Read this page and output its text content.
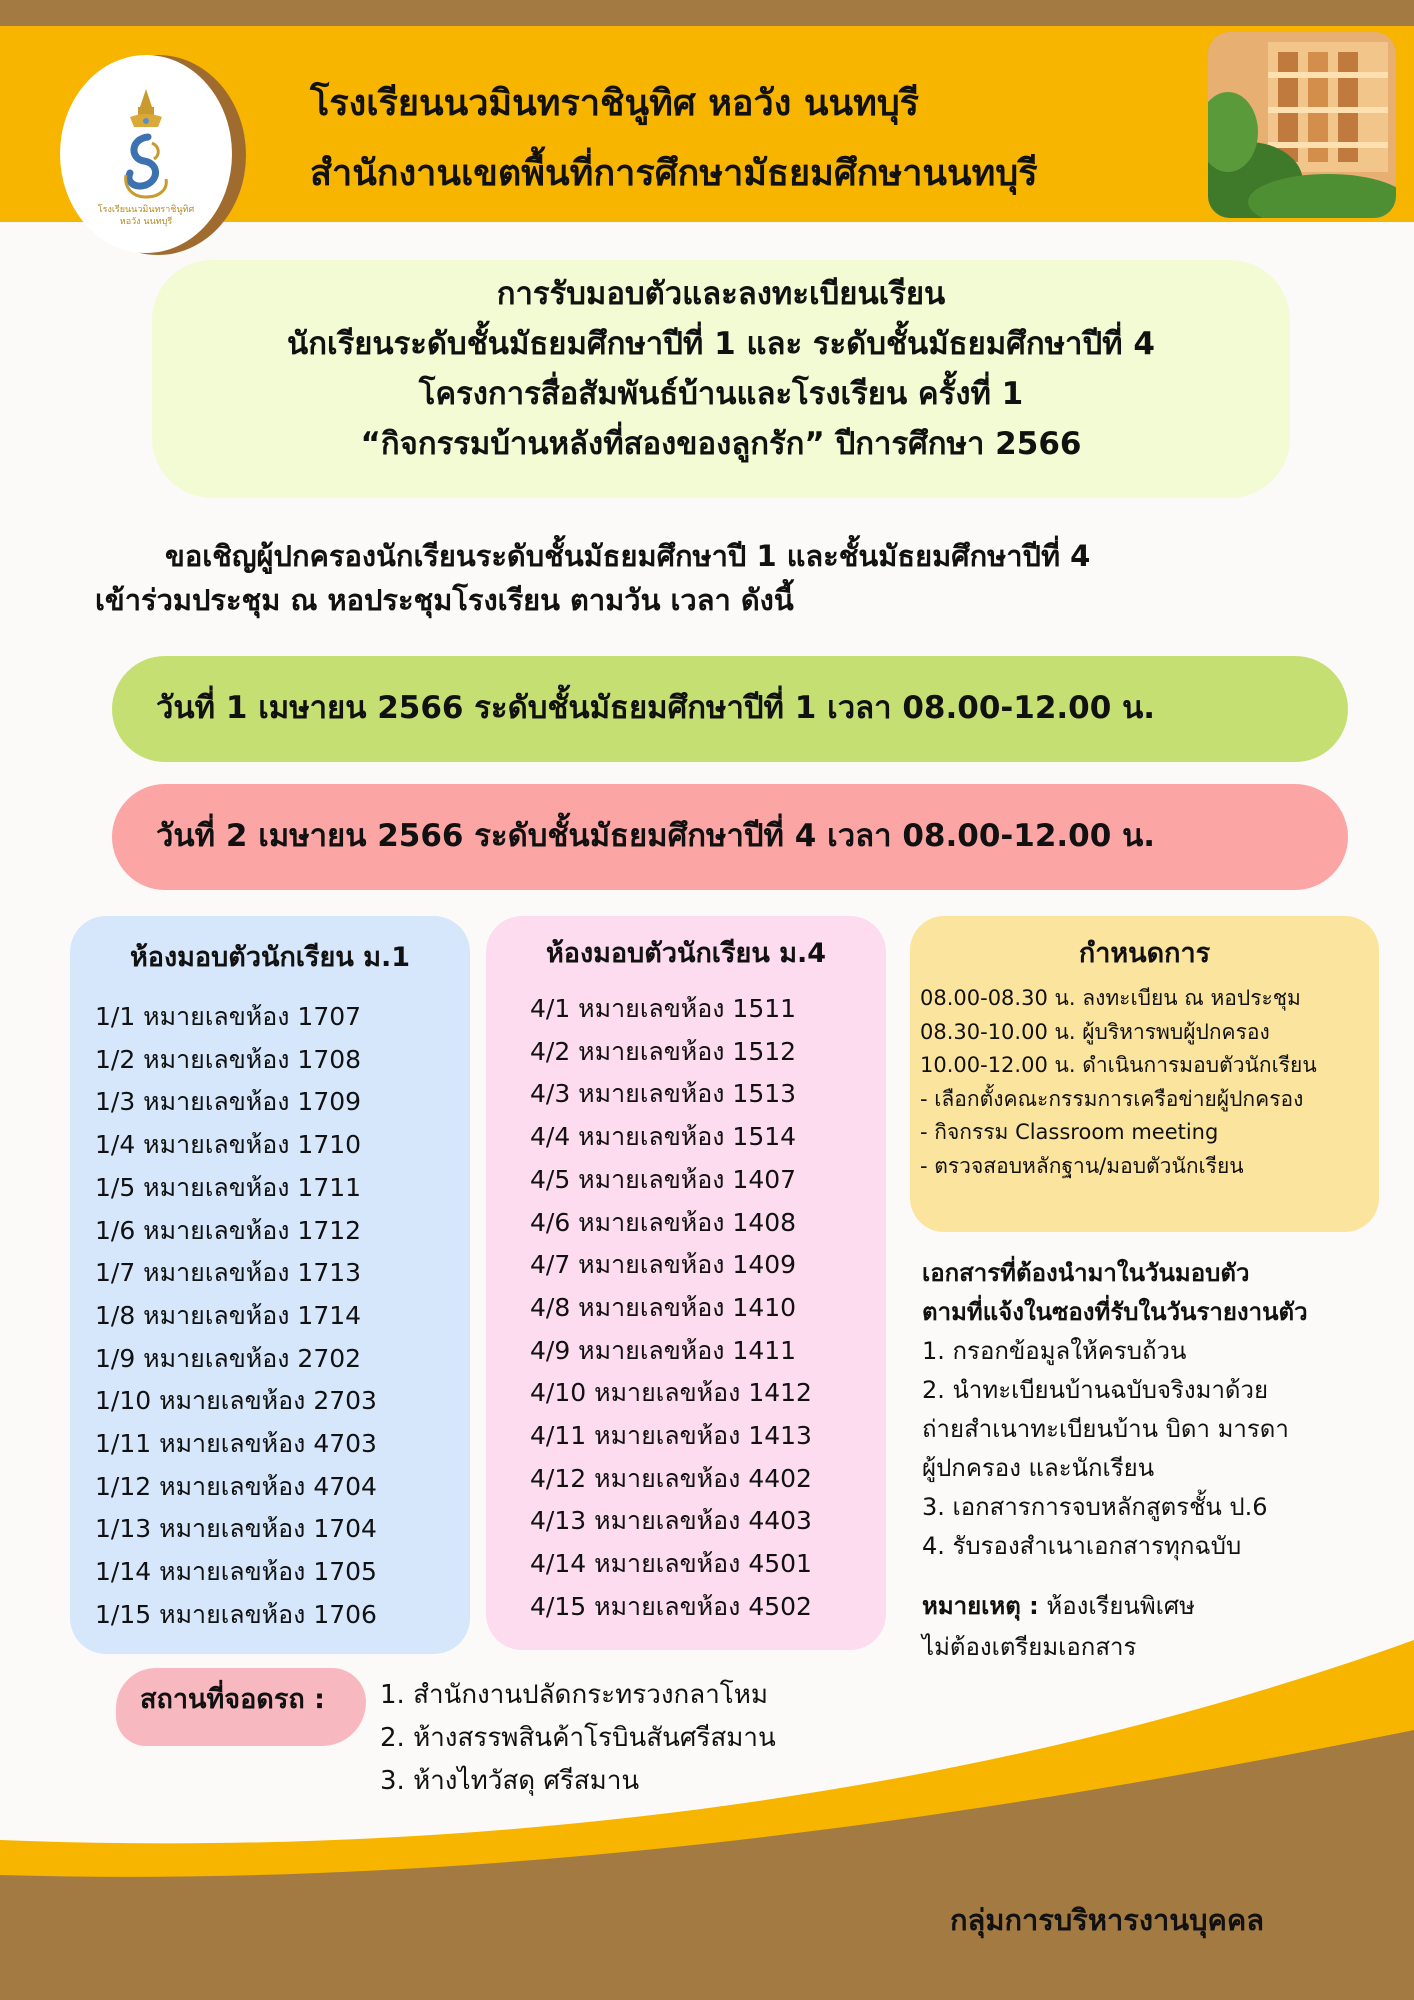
โรงเรียนนวมินทราชินูทิศ
หอวัง นนทบุรี
โรงเรียนนวมินทราชินูทิศ หอวัง นนทบุรี
สำนักงานเขตพื้นที่การศึกษามัธยมศึกษานนทบุรี
การรับมอบตัวและลงทะเบียนเรียน
นักเรียนระดับชั้นมัธยมศึกษาปีที่ 1 และ ระดับชั้นมัธยมศึกษาปีที่ 4
โครงการสื่อสัมพันธ์บ้านและโรงเรียน ครั้งที่ 1
“กิจกรรมบ้านหลังที่สองของลูกรัก” ปีการศึกษา 2566
ขอเชิญผู้ปกครองนักเรียนระดับชั้นมัธยมศึกษาปี 1 และชั้นมัธยมศึกษาปีที่ 4
เข้าร่วมประชุม ณ หอประชุมโรงเรียน ตามวัน เวลา ดังนี้
วันที่ 1 เมษายน 2566 ระดับชั้นมัธยมศึกษาปีที่ 1 เวลา 08.00-12.00 น.
วันที่ 2 เมษายน 2566 ระดับชั้นมัธยมศึกษาปีที่ 4 เวลา 08.00-12.00 น.
ห้องมอบตัวนักเรียน ม.1
1/1 หมายเลขห้อง 1707
1/2 หมายเลขห้อง 1708
1/3 หมายเลขห้อง 1709
1/4 หมายเลขห้อง 1710
1/5 หมายเลขห้อง 1711
1/6 หมายเลขห้อง 1712
1/7 หมายเลขห้อง 1713
1/8 หมายเลขห้อง 1714
1/9 หมายเลขห้อง 2702
1/10 หมายเลขห้อง 2703
1/11 หมายเลขห้อง 4703
1/12 หมายเลขห้อง 4704
1/13 หมายเลขห้อง 1704
1/14 หมายเลขห้อง 1705
1/15 หมายเลขห้อง 1706
ห้องมอบตัวนักเรียน ม.4
4/1 หมายเลขห้อง 1511
4/2 หมายเลขห้อง 1512
4/3 หมายเลขห้อง 1513
4/4 หมายเลขห้อง 1514
4/5 หมายเลขห้อง 1407
4/6 หมายเลขห้อง 1408
4/7 หมายเลขห้อง 1409
4/8 หมายเลขห้อง 1410
4/9 หมายเลขห้อง 1411
4/10 หมายเลขห้อง 1412
4/11 หมายเลขห้อง 1413
4/12 หมายเลขห้อง 4402
4/13 หมายเลขห้อง 4403
4/14 หมายเลขห้อง 4501
4/15 หมายเลขห้อง 4502
กำหนดการ
08.00-08.30 น. ลงทะเบียน ณ หอประชุม
08.30-10.00 น. ผู้บริหารพบผู้ปกครอง
10.00-12.00 น. ดำเนินการมอบตัวนักเรียน
- เลือกตั้งคณะกรรมการเครือข่ายผู้ปกครอง
- กิจกรรม Classroom meeting
- ตรวจสอบหลักฐาน/มอบตัวนักเรียน
เอกสารที่ต้องนำมาในวันมอบตัว
ตามที่แจ้งในซองที่รับในวันรายงานตัว
1. กรอกข้อมูลให้ครบถ้วน
2. นำทะเบียนบ้านฉบับจริงมาด้วย
ถ่ายสำเนาทะเบียนบ้าน บิดา มารดา
ผู้ปกครอง และนักเรียน
3. เอกสารการจบหลักสูตรชั้น ป.6
4. รับรองสำเนาเอกสารทุกฉบับ
หมายเหตุ : ห้องเรียนพิเศษ
ไม่ต้องเตรียมเอกสาร
สถานที่จอดรถ : 1. สำนักงานปลัดกระทรวงกลาโหม
2. ห้างสรรพสินค้าโรบินสันศรีสมาน
3. ห้างไทวัสดุ ศรีสมาน
กลุ่มการบริหารงานบุคคล
